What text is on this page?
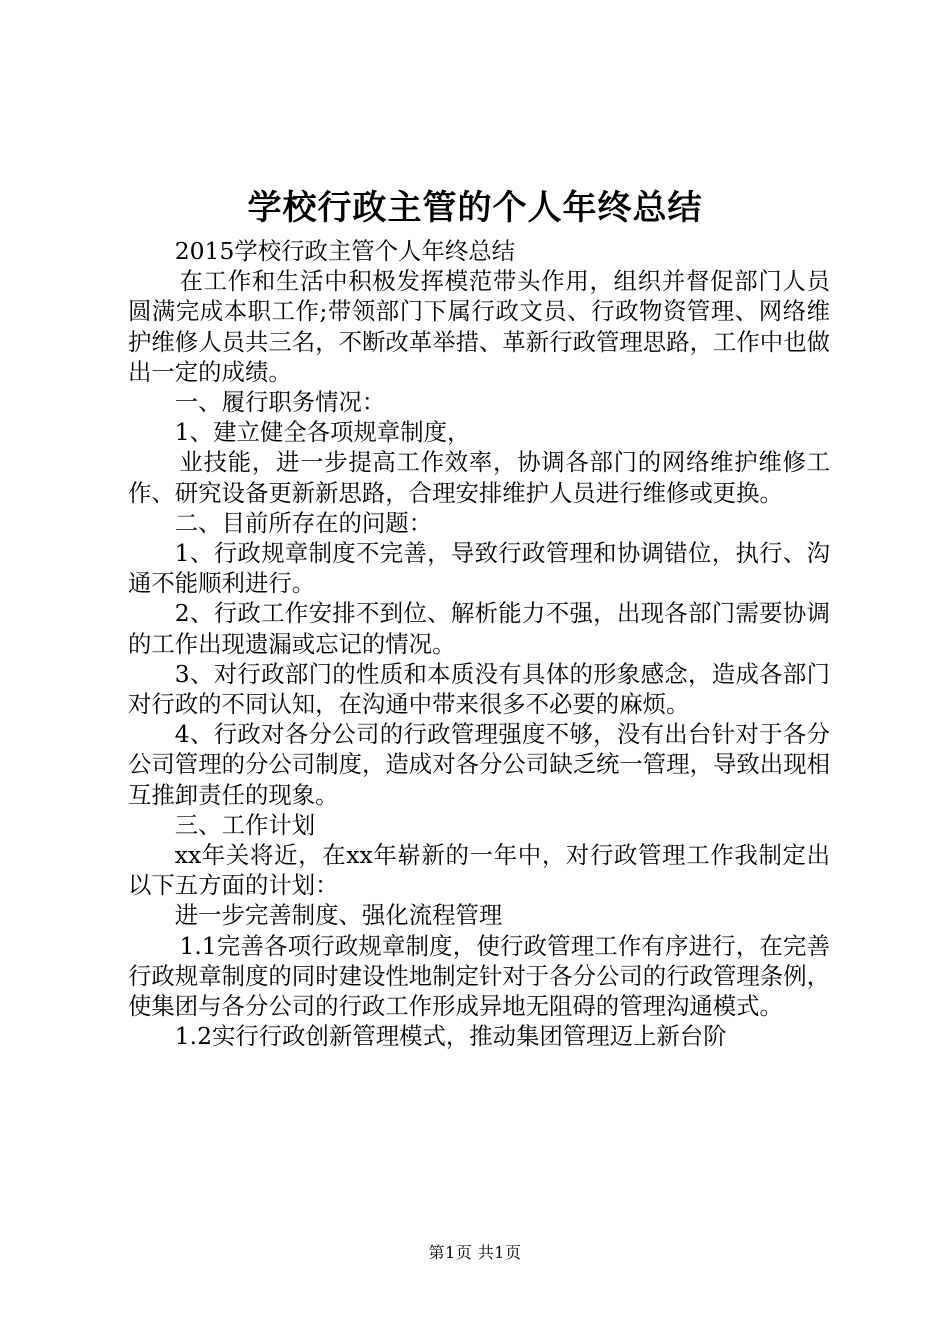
学校行政主管的个人年终总结

2015学校行政主管个人年终总结

在工作和生活中积极发挥模范带头作用，组织并督促部门人员圆满完成本职工作;带领部门下属行政文员、行政物资管理、网络维护维修人员共三名，不断改革举措、革新行政管理思路，工作中也做出一定的成绩。

一、履行职务情况：

1、建立健全各项规章制度，

业技能，进一步提高工作效率，协调各部门的网络维护维修工作、研究设备更新新思路，合理安排维护人员进行维修或更换。

二、目前所存在的问题：

1、行政规章制度不完善，导致行政管理和协调错位，执行、沟通不能顺利进行。

2、行政工作安排不到位、解析能力不强，出现各部门需要协调的工作出现遗漏或忘记的情况。

3、对行政部门的性质和本质没有具体的形象感念，造成各部门对行政的不同认知，在沟通中带来很多不必要的麻烦。

4、行政对各分公司的行政管理强度不够，没有出台针对于各分公司管理的分公司制度，造成对各分公司缺乏统一管理，导致出现相互推卸责任的现象。

三、工作计划

xx年关将近，在xx年崭新的一年中，对行政管理工作我制定出以下五方面的计划：

进一步完善制度、强化流程管理

1.1完善各项行政规章制度，使行政管理工作有序进行，在完善行政规章制度的同时建设性地制定针对于各分公司的行政管理条例，使集团与各分公司的行政工作形成异地无阻碍的管理沟通模式。

1.2实行行政创新管理模式，推动集团管理迈上新台阶

第1页 共1页
